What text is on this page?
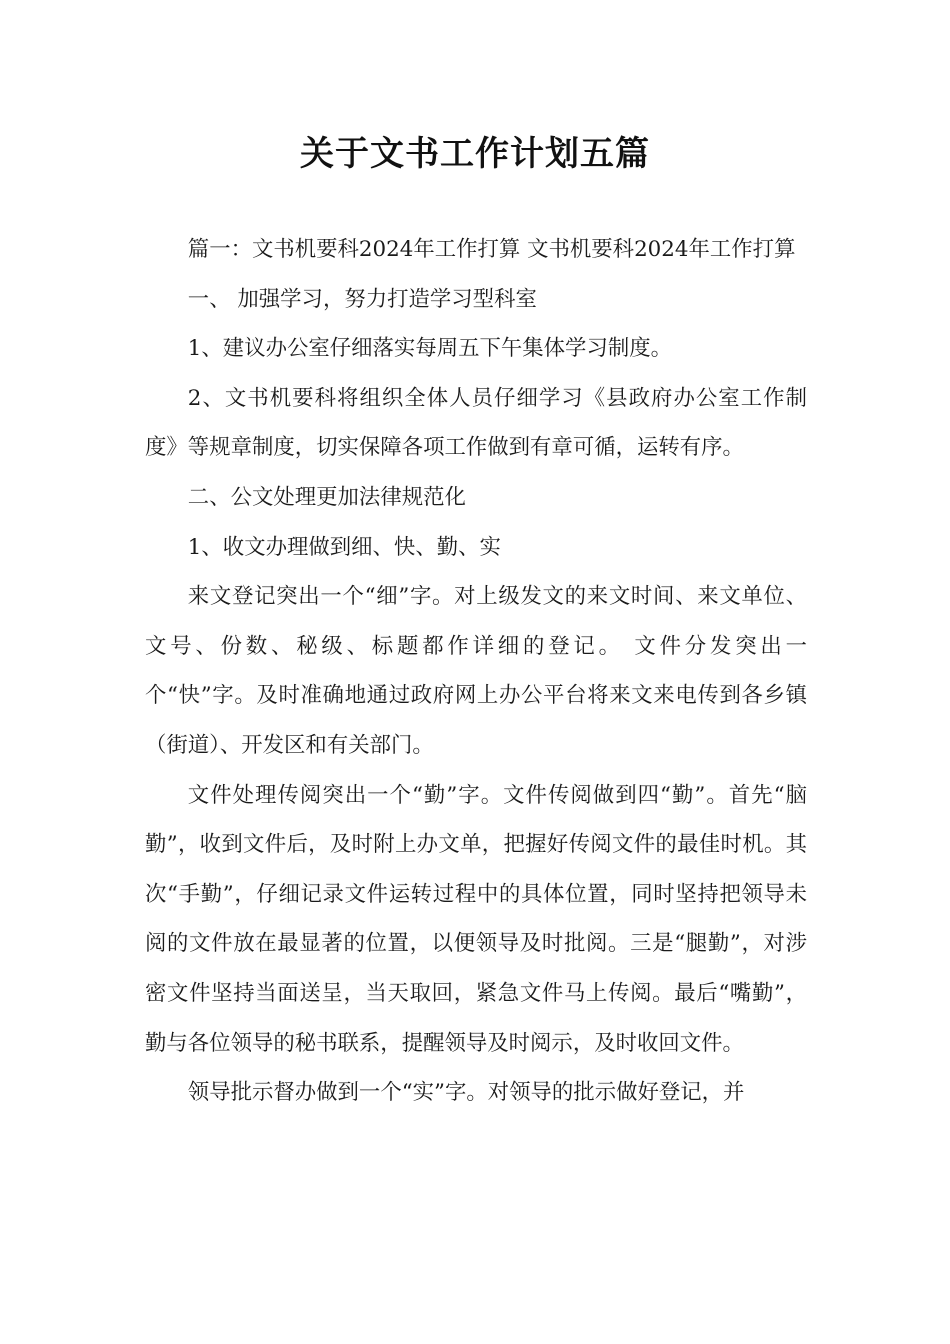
关于文书工作计划五篇

篇一：文书机要科2024年工作打算 文书机要科2024年工作打算

一、 加强学习，努力打造学习型科室

1、建议办公室仔细落实每周五下午集体学习制度。

2、文书机要科将组织全体人员仔细学习《县政府办公室工作制度》等规章制度，切实保障各项工作做到有章可循，运转有序。

二、公文处理更加法律规范化

1、收文办理做到细、快、勤、实

来文登记突出一个“细”字。对上级发文的来文时间、来文单位、文号、份数、秘级、标题都作详细的登记。 文件分发突出一个“快”字。及时准确地通过政府网上办公平台将来文来电传到各乡镇（街道）、开发区和有关部门。

文件处理传阅突出一个“勤”字。文件传阅做到四“勤”。首先“脑勤”，收到文件后，及时附上办文单，把握好传阅文件的最佳时机。其次“手勤”，仔细记录文件运转过程中的具体位置，同时坚持把领导未阅的文件放在最显著的位置，以便领导及时批阅。三是“腿勤”，对涉密文件坚持当面送呈，当天取回，紧急文件马上传阅。最后“嘴勤”，勤与各位领导的秘书联系，提醒领导及时阅示，及时收回文件。

领导批示督办做到一个“实”字。对领导的批示做好登记，并
